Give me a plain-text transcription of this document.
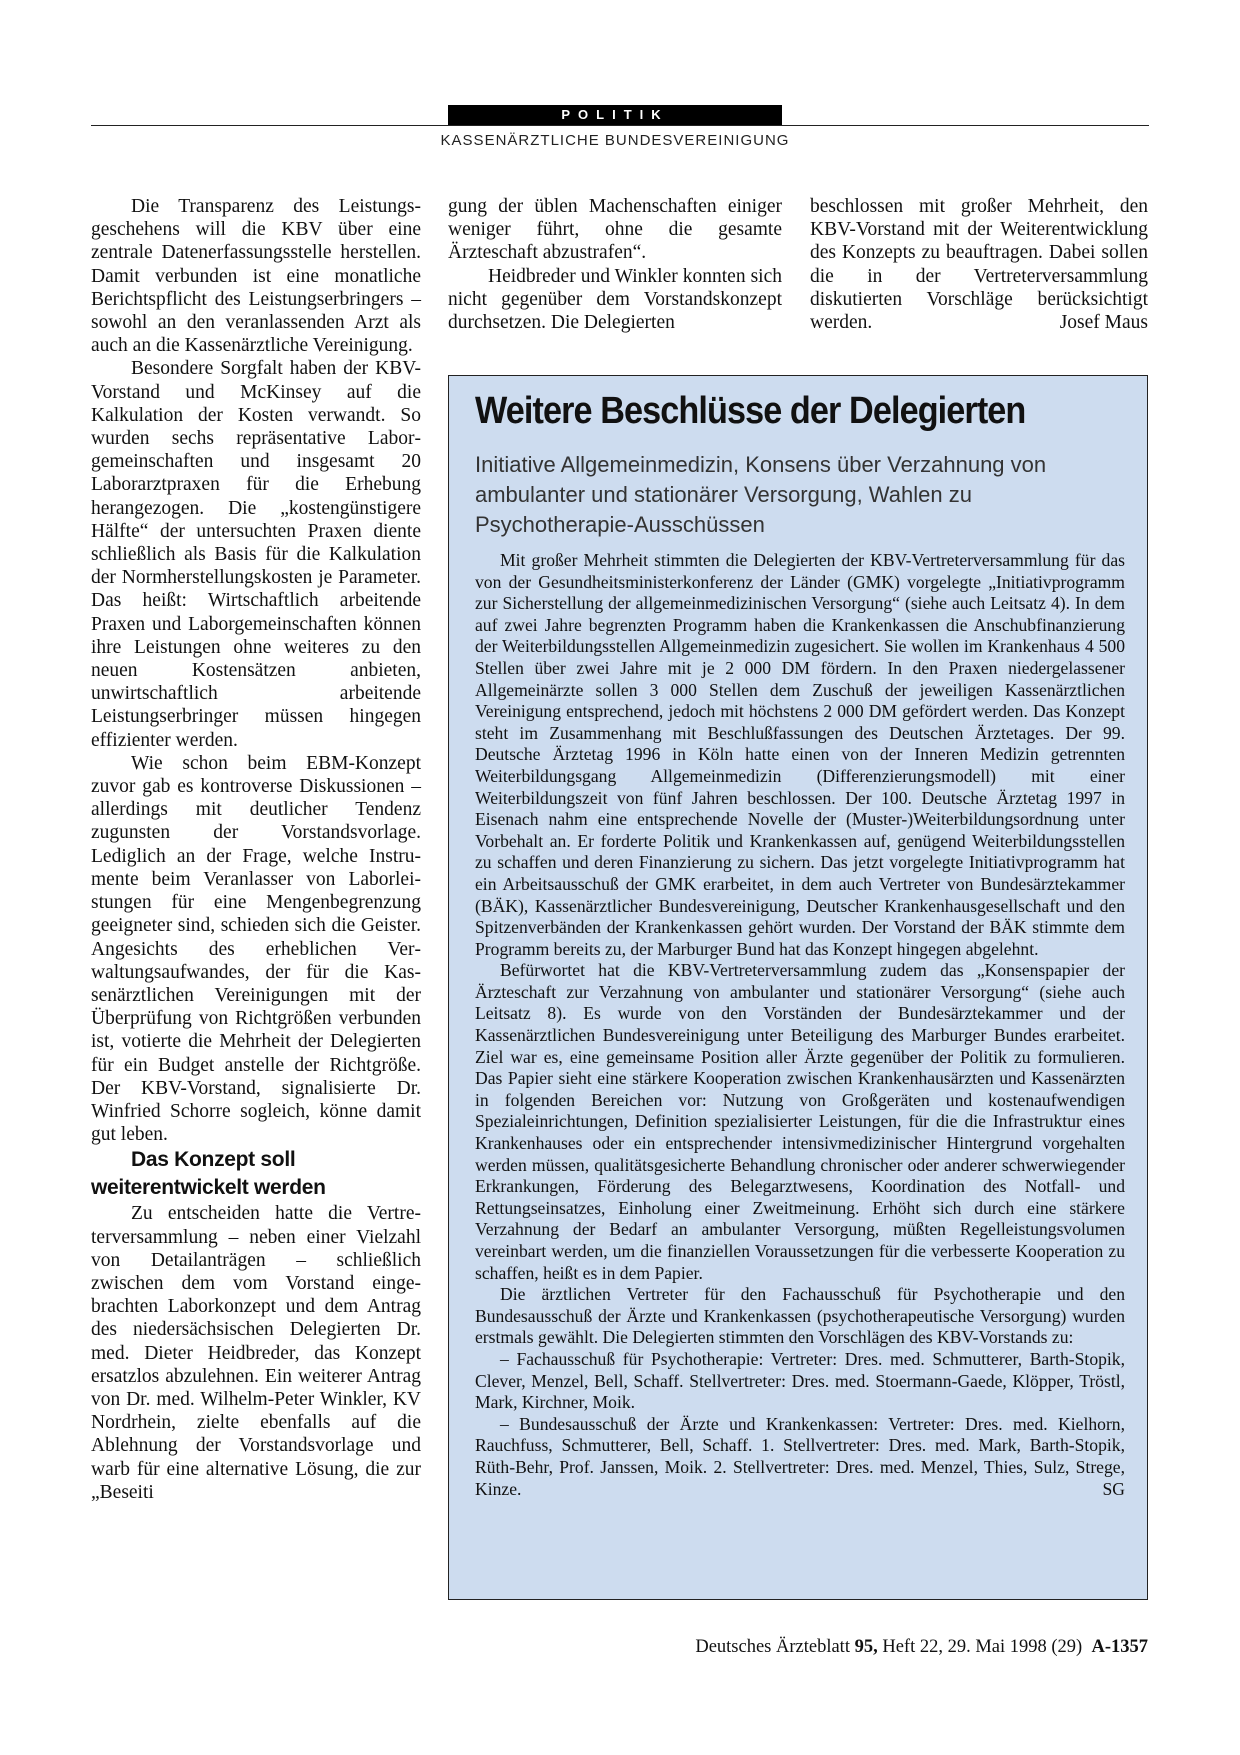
POLITIK
KASSENÄRZTLICHE BUNDESVEREINIGUNG

Die Transparenz des Leistungsgeschehens will die KBV über eine zentrale Datenerfassungsstelle herstellen. Damit verbunden ist eine monatliche Berichtspflicht des Leistungserbringers – sowohl an den veranlassenden Arzt als auch an die Kassenärztliche Vereinigung.

Besondere Sorgfalt haben der KBV-Vorstand und McKinsey auf die Kalkulation der Kosten verwandt. So wurden sechs repräsentative Laborgemeinschaften und insgesamt 20 Laborarztpraxen für die Erhebung herangezogen. Die „kostengünstigere Hälfte“ der untersuchten Praxen diente schließlich als Basis für die Kalkulation der Normherstellungskosten je Parameter. Das heißt: Wirtschaftlich arbeitende Praxen und Laborgemeinschaften können ihre Leistungen ohne weiteres zu den neuen Kostensätzen anbieten, unwirtschaftlich arbeitende Leistungserbringer müssen hingegen effizienter werden.

Wie schon beim EBM-Konzept zuvor gab es kontroverse Diskussionen – allerdings mit deutlicher Tendenz zugunsten der Vorstandsvorlage. Lediglich an der Frage, welche Instrumente beim Veranlasser von Laborleistungen für eine Mengenbegrenzung geeigneter sind, schieden sich die Geister. Angesichts des erheblichen Verwaltungsaufwandes, der für die Kassenärztlichen Vereinigungen mit der Überprüfung von Richtgrößen verbunden ist, votierte die Mehrheit der Delegierten für ein Budget anstelle der Richtgröße. Der KBV-Vorstand, signalisierte Dr. Winfried Schorre sogleich, könne damit gut leben.

Das Konzept soll weiterentwickelt werden

Zu entscheiden hatte die Vertreterversammlung – neben einer Vielzahl von Detailanträgen – schließlich zwischen dem vom Vorstand eingebrachten Laborkonzept und dem Antrag des niedersächsischen Delegierten Dr. med. Dieter Heidbreder, das Konzept ersatzlos abzulehnen. Ein weiterer Antrag von Dr. med. Wilhelm-Peter Winkler, KV Nordrhein, zielte ebenfalls auf die Ablehnung der Vorstandsvorlage und warb für eine alternative Lösung, die zur „Beseiti

gung der üblen Machenschaften einiger weniger führt, ohne die gesamte Ärzteschaft abzustrafen“.

Heidbreder und Winkler konnten sich nicht gegenüber dem Vorstandskonzept durchsetzen. Die Delegierten

beschlossen mit großer Mehrheit, den KBV-Vorstand mit der Weiterentwicklung des Konzepts zu beauftragen. Dabei sollen die in der Vertreterversammlung diskutierten Vorschläge berücksichtigt werden.	Josef Maus

Weitere Beschlüsse der Delegierten
Initiative Allgemeinmedizin, Konsens über Verzahnung von ambulanter und stationärer Versorgung, Wahlen zu Psychotherapie-Ausschüssen

Mit großer Mehrheit stimmten die Delegierten der KBV-Vertreterversammlung für das von der Gesundheitsministerkonferenz der Länder (GMK) vorgelegte „Initiativprogramm zur Sicherstellung der allgemeinmedizinischen Versorgung“ (siehe auch Leitsatz 4). In dem auf zwei Jahre begrenzten Programm haben die Krankenkassen die Anschubfinanzierung der Weiterbildungsstellen Allgemeinmedizin zugesichert. Sie wollen im Krankenhaus 4 500 Stellen über zwei Jahre mit je 2 000 DM fördern. In den Praxen niedergelassener Allgemeinärzte sollen 3 000 Stellen dem Zuschuß der jeweiligen Kassenärztlichen Vereinigung entsprechend, jedoch mit höchstens 2 000 DM gefördert werden. Das Konzept steht im Zusammenhang mit Beschlußfassungen des Deutschen Ärztetages. Der 99. Deutsche Ärztetag 1996 in Köln hatte einen von der Inneren Medizin getrennten Weiterbildungsgang Allgemeinmedizin (Differenzierungsmodell) mit einer Weiterbildungszeit von fünf Jahren beschlossen. Der 100. Deutsche Ärztetag 1997 in Eisenach nahm eine entsprechende Novelle der (Muster-)Weiterbildungsordnung unter Vorbehalt an. Er forderte Politik und Krankenkassen auf, genügend Weiterbildungsstellen zu schaffen und deren Finanzierung zu sichern. Das jetzt vorgelegte Initiativprogramm hat ein Arbeitsausschuß der GMK erarbeitet, in dem auch Vertreter von Bundesärztekammer (BÄK), Kassenärztlicher Bundesvereinigung, Deutscher Krankenhausgesellschaft und den Spitzenverbänden der Krankenkassen gehört wurden. Der Vorstand der BÄK stimmte dem Programm bereits zu, der Marburger Bund hat das Konzept hingegen abgelehnt.

Befürwortet hat die KBV-Vertreterversammlung zudem das „Konsenspapier der Ärzteschaft zur Verzahnung von ambulanter und stationärer Versorgung“ (siehe auch Leitsatz 8). Es wurde von den Vorständen der Bundesärztekammer und der Kassenärztlichen Bundesvereinigung unter Beteiligung des Marburger Bundes erarbeitet. Ziel war es, eine gemeinsame Position aller Ärzte gegenüber der Politik zu formulieren. Das Papier sieht eine stärkere Kooperation zwischen Krankenhausärzten und Kassenärzten in folgenden Bereichen vor: Nutzung von Großgeräten und kostenaufwendigen Spezialeinrichtungen, Definition spezialisierter Leistungen, für die die Infrastruktur eines Krankenhauses oder ein entsprechender intensivmedizinischer Hintergrund vorgehalten werden müssen, qualitätsgesicherte Behandlung chronischer oder anderer schwerwiegender Erkrankungen, Förderung des Belegarztwesens, Koordination des Notfall- und Rettungseinsatzes, Einholung einer Zweitmeinung. Erhöht sich durch eine stärkere Verzahnung der Bedarf an ambulanter Versorgung, müßten Regelleistungsvolumen vereinbart werden, um die finanziellen Voraussetzungen für die verbesserte Kooperation zu schaffen, heißt es in dem Papier.

Die ärztlichen Vertreter für den Fachausschuß für Psychotherapie und den Bundesausschuß der Ärzte und Krankenkassen (psychotherapeutische Versorgung) wurden erstmals gewählt. Die Delegierten stimmten den Vorschlägen des KBV-Vorstands zu:

– Fachausschuß für Psychotherapie: Vertreter: Dres. med. Schmutterer, Barth-Stopik, Clever, Menzel, Bell, Schaff. Stellvertreter: Dres. med. Stoermann-Gaede, Klöpper, Tröstl, Mark, Kirchner, Moik.

– Bundesausschuß der Ärzte und Krankenkassen: Vertreter: Dres. med. Kielhorn, Rauchfuss, Schmutterer, Bell, Schaff. 1. Stellvertreter: Dres. med. Mark, Barth-Stopik, Rüth-Behr, Prof. Janssen, Moik. 2. Stellvertreter: Dres. med. Menzel, Thies, Sulz, Strege, Kinze.	SG

Deutsches Ärzteblatt 95, Heft 22, 29. Mai 1998 (29) A-1357
